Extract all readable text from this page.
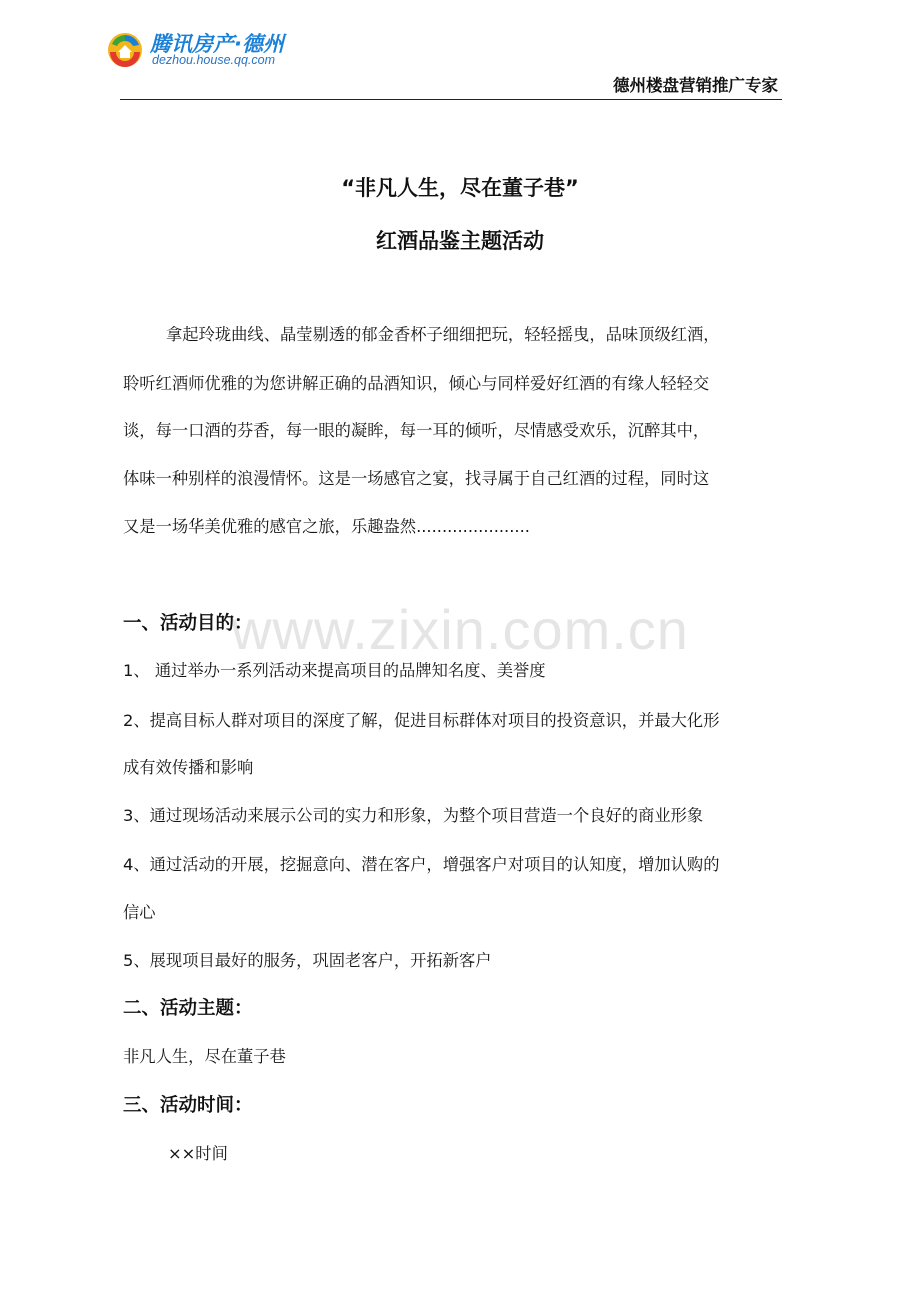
腾讯房产·德州
dezhou.house.qq.com
德州楼盘营销推广专家
“非凡人生，尽在董子巷”
红酒品鉴主题活动
拿起玲珑曲线、晶莹剔透的郁金香杯子细细把玩，轻轻摇曳，品味顶级红酒，
聆听红酒师优雅的为您讲解正确的品酒知识，倾心与同样爱好红酒的有缘人轻轻交
谈，每一口酒的芬香，每一眼的凝眸，每一耳的倾听，尽情感受欢乐，沉醉其中，
体味一种别样的浪漫情怀。这是一场感官之宴，找寻属于自己红酒的过程，同时这
又是一场华美优雅的感官之旅，乐趣盎然......................
www.zixin.com.cn
一、活动目的：
1、 通过举办一系列活动来提高项目的品牌知名度、美誉度
2、提高目标人群对项目的深度了解，促进目标群体对项目的投资意识，并最大化形
成有效传播和影响
3、通过现场活动来展示公司的实力和形象，为整个项目营造一个良好的商业形象
4、通过活动的开展，挖掘意向、潜在客户，增强客户对项目的认知度，增加认购的
信心
5、展现项目最好的服务，巩固老客户，开拓新客户
二、活动主题：
非凡人生，尽在董子巷
三、活动时间：
××时间
